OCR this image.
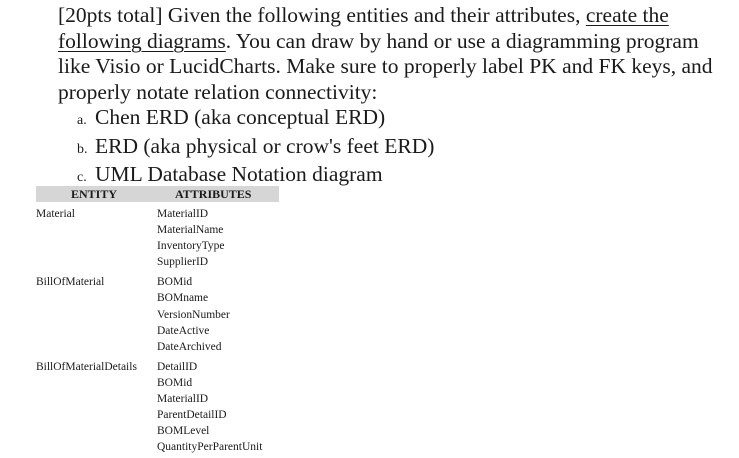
[20pts total] Given the following entities and their attributes, create the following diagrams. You can draw by hand or use a diagramming program like Visio or LucidCharts. Make sure to properly label PK and FK keys, and properly notate relation connectivity:

a. Chen ERD (aka conceptual ERD)
b. ERD (aka physical or crow's feet ERD)
c. UML Database Notation diagram
ENTITY	ATTRIBUTES
Material	MaterialID
MaterialName
InventoryType
SupplierID
BillOfMaterial	BOMid
BOMname
VersionNumber
DateActive
DateArchived
BillOfMaterialDetails DetailID
BOMid
MaterialID
ParentDetailID
BOMLevel
QuantityPerParentUnit
